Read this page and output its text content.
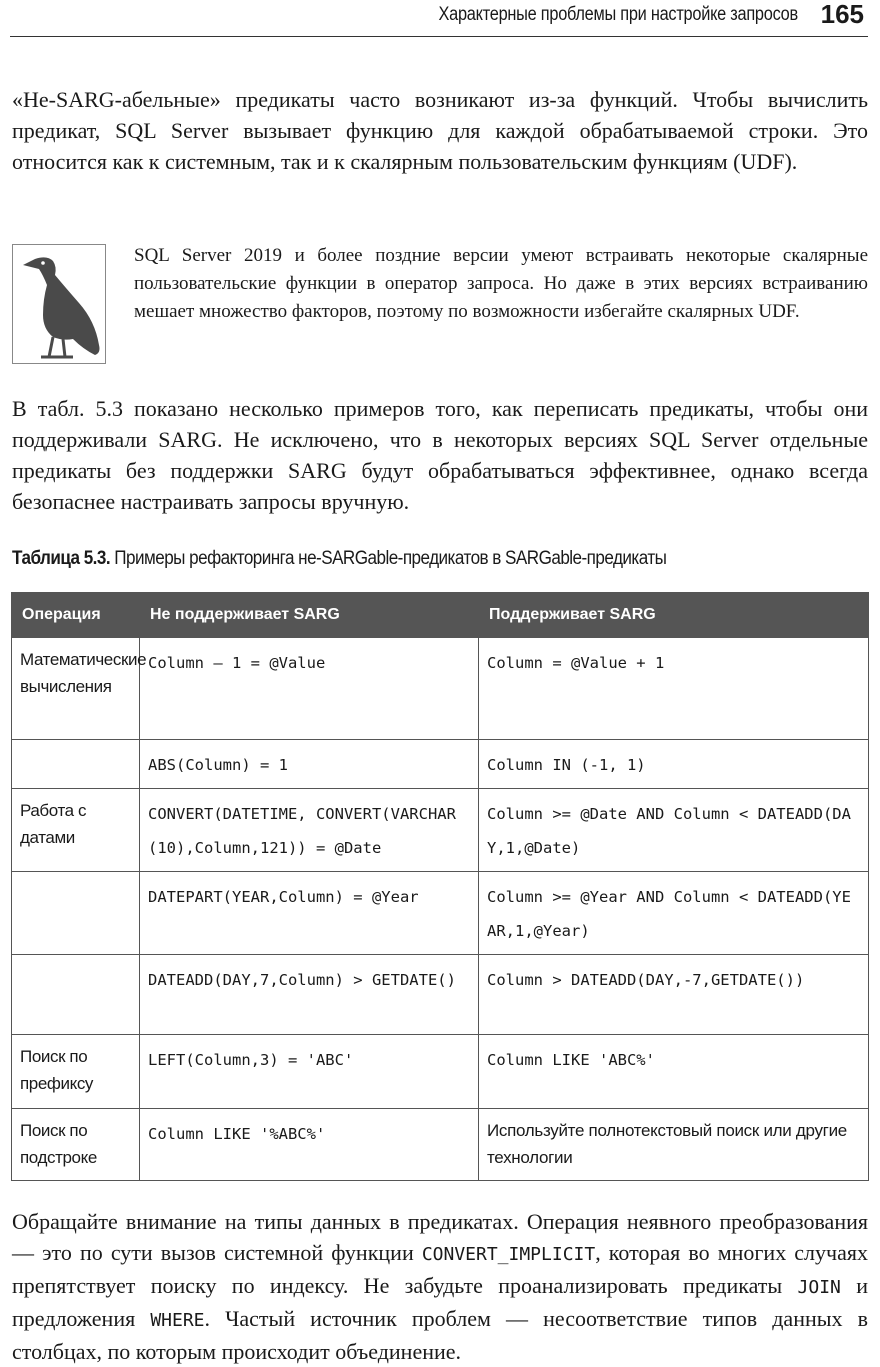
Характерные проблемы при настройке запросов 165

«Не-SARG-абельные» предикаты часто возникают из-за функций. Чтобы вычислить предикат, SQL Server вызывает функцию для каждой обрабатываемой строки. Это относится как к системным, так и к скалярным пользовательским функциям (UDF).

SQL Server 2019 и более поздние версии умеют встраивать некоторые скалярные пользовательские функции в оператор запроса. Но даже в этих версиях встраиванию мешает множество факторов, поэтому по возможности избегайте скалярных UDF.

В табл. 5.3 показано несколько примеров того, как переписать предикаты, чтобы они поддерживали SARG. Не исключено, что в некоторых версиях SQL Server отдельные предикаты без поддержки SARG будут обрабатываться эффективнее, однако всегда безопаснее настраивать запросы вручную.

Таблица 5.3. Примеры рефакторинга не-SARGable-предикатов в SARGable-предикаты
Операция	Не поддерживает SARG	Поддерживает SARG
Математические вычисления	Column – 1 = @Value	Column = @Value + 1
	ABS(Column) = 1	Column IN (-1, 1)
Работа с датами	CONVERT(DATETIME, CONVERT(VARCHAR(10),Column,121)) = @Date	Column >= @Date AND Column < DATEADD(DAY,1,@Date)
	DATEPART(YEAR,Column) = @Year	Column >= @Year AND Column < DATEADD(YEAR,1,@Year)
	DATEADD(DAY,7,Column) > GETDATE()	Column > DATEADD(DAY,-7,GETDATE())
Поиск по префиксу	LEFT(Column,3) = 'ABC'	Column LIKE 'ABC%'
Поиск по подстроке	Column LIKE '%ABC%'	Используйте полнотекстовый поиск или другие технологии

Обращайте внимание на типы данных в предикатах. Операция неявного преобразования — это по сути вызов системной функции CONVERT_IMPLICIT, которая во многих случаях препятствует поиску по индексу. Не забудьте проанализировать предикаты JOIN и предложения WHERE. Частый источник проблем — несоответствие типов данных в столбцах, по которым происходит объединение.
